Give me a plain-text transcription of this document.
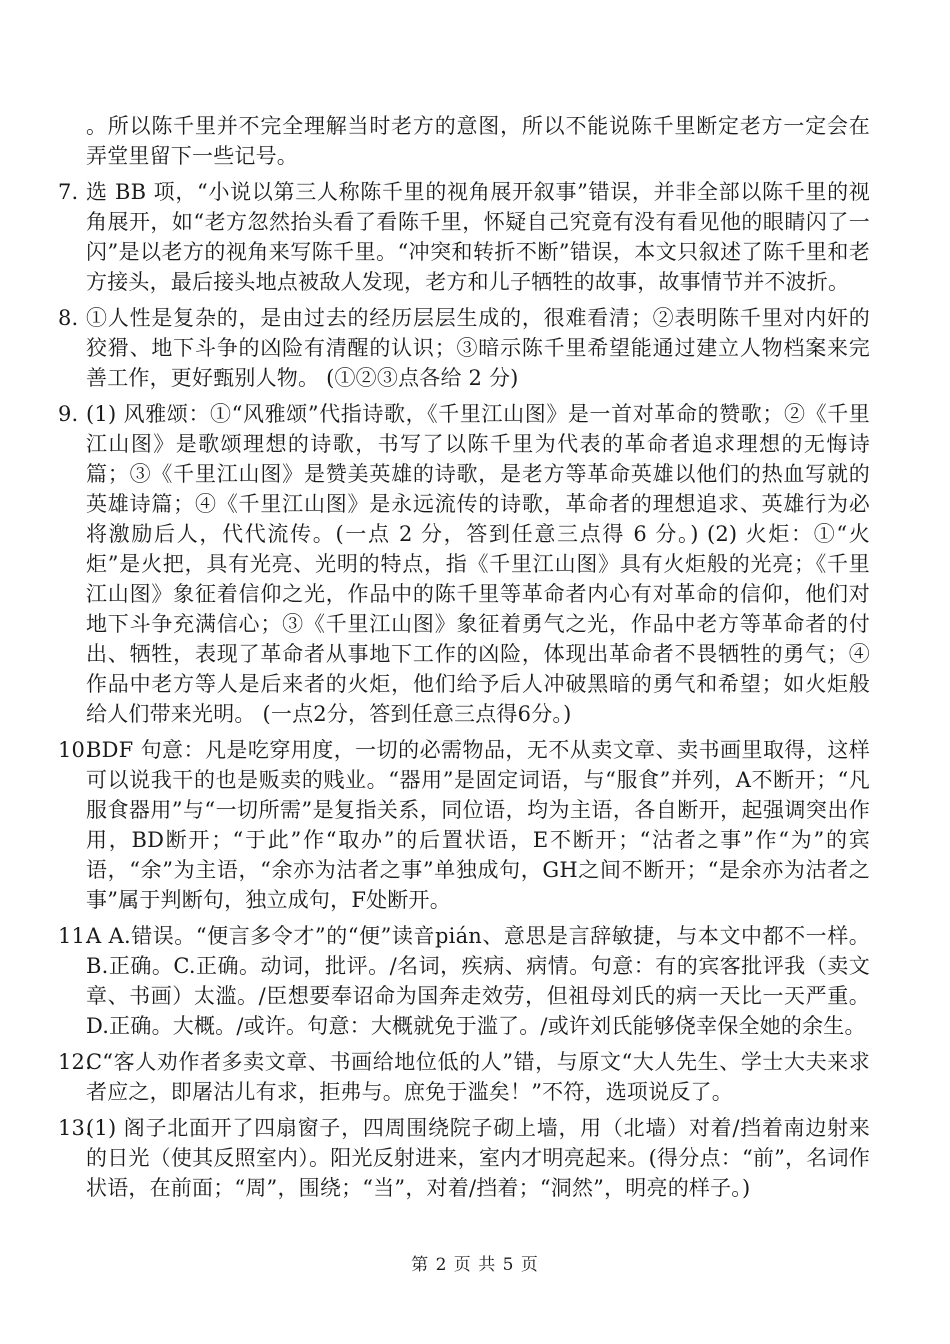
。所以陈千里并不完全理解当时老方的意图，所以不能说陈千里断定老方一定会在弄堂里留下一些记号。
7. 选 BB 项，“小说以第三人称陈千里的视角展开叙事”错误，并非全部以陈千里的视角展开，如“老方忽然抬头看了看陈千里，怀疑自己究竟有没有看见他的眼睛闪了一闪”是以老方的视角来写陈千里。“冲突和转折不断”错误，本文只叙述了陈千里和老方接头，最后接头地点被敌人发现，老方和儿子牺牲的故事，故事情节并不波折。
8. ①人性是复杂的，是由过去的经历层层生成的，很难看清；②表明陈千里对内奸的狡猾、地下斗争的凶险有清醒的认识；③暗示陈千里希望能通过建立人物档案来完善工作，更好甄别人物。 (①②③点各给 2 分)
9. (1) 风雅颂：①“风雅颂”代指诗歌，《千里江山图》是一首对革命的赞歌；②《千里江山图》是歌颂理想的诗歌，书写了以陈千里为代表的革命者追求理想的无悔诗篇；③《千里江山图》是赞美英雄的诗歌，是老方等革命英雄以他们的热血写就的英雄诗篇；④《千里江山图》是永远流传的诗歌，革命者的理想追求、英雄行为必将激励后人，代代流传。(一点 2 分，答到任意三点得 6 分。) (2) 火炬：①“火炬”是火把，具有光亮、光明的特点，指《千里江山图》具有火炬般的光亮；《千里江山图》象征着信仰之光，作品中的陈千里等革命者内心有对革命的信仰，他们对地下斗争充满信心；③《千里江山图》象征着勇气之光，作品中老方等革命者的付出、牺牲，表现了革命者从事地下工作的凶险，体现出革命者不畏牺牲的勇气；④作品中老方等人是后来者的火炬，他们给予后人冲破黑暗的勇气和希望；如火炬般给人们带来光明。 (一点2分，答到任意三点得6分。)
10.
BDF 句意：凡是吃穿用度，一切的必需物品，无不从卖文章、卖书画里取得，这样可以说我干的也是贩卖的贱业。“器用”是固定词语，与“服食”并列，A不断开；“凡服食器用”与“一切所需”是复指关系，同位语，均为主语，各自断开，起强调突出作用，BD断开；“于此”作“取办”的后置状语，E不断开；“沽者之事”作“为”的宾语，“余”为主语，“余亦为沽者之事”单独成句，GH之间不断开；“是余亦为沽者之事”属于判断句，独立成句，F处断开。
11.
A A.错误。“便言多令才”的“便”读音pián、意思是言辞敏捷，与本文中都不一样。B.正确。C.正确。动词，批评。/名词，疾病、病情。句意：有的宾客批评我（卖文章、书画）太滥。/臣想要奉诏命为国奔走效劳，但祖母刘氏的病一天比一天严重。D.正确。大概。/或许。句意：大概就免于滥了。/或许刘氏能够侥幸保全她的余生。
12.
C“客人劝作者多卖文章、书画给地位低的人”错，与原文“大人先生、学士大夫来求者应之，即屠沽儿有求，拒弗与。庶免于滥矣！”不符，选项说反了。
13.
(1) 阁子北面开了四扇窗子，四周围绕院子砌上墙，用（北墙）对着/挡着南边射来的日光（使其反照室内）。阳光反射进来，室内才明亮起来。(得分点：“前”，名词作状语，在前面；“周”，围绕；“当”，对着/挡着；“洞然”，明亮的样子。)
第 2 页 共 5 页
